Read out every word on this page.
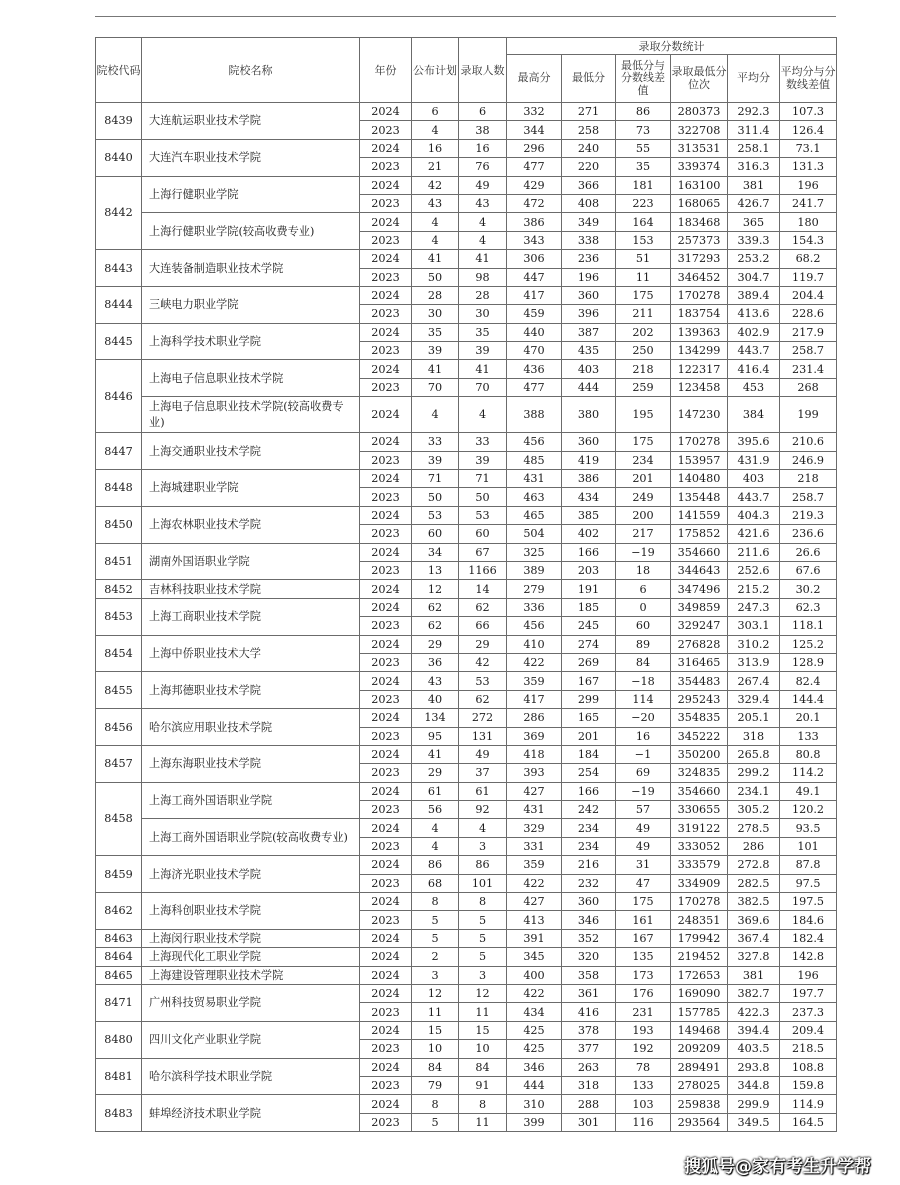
院校代码	院校名称	年份	公布计划	录取人数	录取分数统计					
					最高分	最低分	最低分与分数线差值	录取最低分位次	平均分	平均分与分数线差值
8439	大连航运职业技术学院	2024	6	6	332	271	86	280373	292.3	107.3
		2023	4	38	344	258	73	322708	311.4	126.4
8440	大连汽车职业技术学院	2024	16	16	296	240	55	313531	258.1	73.1
		2023	21	76	477	220	35	339374	316.3	131.3
8442	上海行健职业学院	2024	42	49	429	366	181	163100	381	196
		2023	43	43	472	408	223	168065	426.7	241.7
	上海行健职业学院(较高收费专业)	2024	4	4	386	349	164	183468	365	180
		2023	4	4	343	338	153	257373	339.3	154.3
8443	大连装备制造职业技术学院	2024	41	41	306	236	51	317293	253.2	68.2
		2023	50	98	447	196	11	346452	304.7	119.7
8444	三峡电力职业学院	2024	28	28	417	360	175	170278	389.4	204.4
		2023	30	30	459	396	211	183754	413.6	228.6
8445	上海科学技术职业学院	2024	35	35	440	387	202	139363	402.9	217.9
		2023	39	39	470	435	250	134299	443.7	258.7
8446	上海电子信息职业技术学院	2024	41	41	436	403	218	122317	416.4	231.4
		2023	70	70	477	444	259	123458	453	268
	上海电子信息职业技术学院(较高收费专业)	2024	4	4	388	380	195	147230	384	199
8447	上海交通职业技术学院	2024	33	33	456	360	175	170278	395.6	210.6
		2023	39	39	485	419	234	153957	431.9	246.9
8448	上海城建职业学院	2024	71	71	431	386	201	140480	403	218
		2023	50	50	463	434	249	135448	443.7	258.7
8450	上海农林职业技术学院	2024	53	53	465	385	200	141559	404.3	219.3
		2023	60	60	504	402	217	175852	421.6	236.6
8451	湖南外国语职业学院	2024	34	67	325	166	−19	354660	211.6	26.6
		2023	13	1166	389	203	18	344643	252.6	67.6
8452	吉林科技职业技术学院	2024	12	14	279	191	6	347496	215.2	30.2
8453	上海工商职业技术学院	2024	62	62	336	185	0	349859	247.3	62.3
		2023	62	66	456	245	60	329247	303.1	118.1
8454	上海中侨职业技术大学	2024	29	29	410	274	89	276828	310.2	125.2
		2023	36	42	422	269	84	316465	313.9	128.9
8455	上海邦德职业技术学院	2024	43	53	359	167	−18	354483	267.4	82.4
		2023	40	62	417	299	114	295243	329.4	144.4
8456	哈尔滨应用职业技术学院	2024	134	272	286	165	−20	354835	205.1	20.1
		2023	95	131	369	201	16	345222	318	133
8457	上海东海职业技术学院	2024	41	49	418	184	−1	350200	265.8	80.8
		2023	29	37	393	254	69	324835	299.2	114.2
8458	上海工商外国语职业学院	2024	61	61	427	166	−19	354660	234.1	49.1
		2023	56	92	431	242	57	330655	305.2	120.2
	上海工商外国语职业学院(较高收费专业)	2024	4	4	329	234	49	319122	278.5	93.5
		2023	4	3	331	234	49	333052	286	101
8459	上海济光职业技术学院	2024	86	86	359	216	31	333579	272.8	87.8
		2023	68	101	422	232	47	334909	282.5	97.5
8462	上海科创职业技术学院	2024	8	8	427	360	175	170278	382.5	197.5
		2023	5	5	413	346	161	248351	369.6	184.6
8463	上海闵行职业技术学院	2024	5	5	391	352	167	179942	367.4	182.4
8464	上海现代化工职业学院	2024	2	5	345	320	135	219452	327.8	142.8
8465	上海建设管理职业技术学院	2024	3	3	400	358	173	172653	381	196
8471	广州科技贸易职业学院	2024	12	12	422	361	176	169090	382.7	197.7
		2023	11	11	434	416	231	157785	422.3	237.3
8480	四川文化产业职业学院	2024	15	15	425	378	193	149468	394.4	209.4
		2023	10	10	425	377	192	209209	403.5	218.5
8481	哈尔滨科学技术职业学院	2024	84	84	346	263	78	289491	293.8	108.8
		2023	79	91	444	318	133	278025	344.8	159.8
8483	蚌埠经济技术职业学院	2024	8	8	310	288	103	259838	299.9	114.9
		2023	5	11	399	301	116	293564	349.5	164.5
搜狐号@家有考生升学帮
